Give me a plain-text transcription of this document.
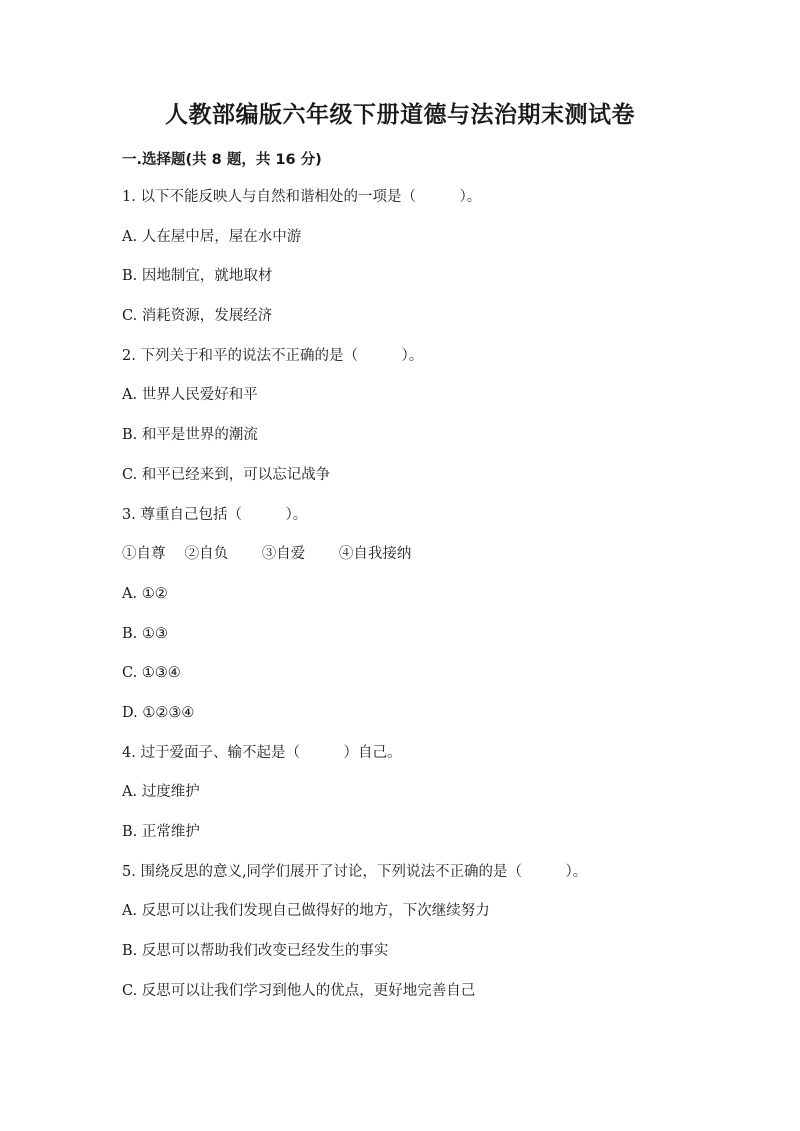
人教部编版六年级下册道德与法治期末测试卷
一.选择题(共 8 题，共 16 分)
1. 以下不能反映人与自然和谐相处的一项是（　　　）。
A. 人在屋中居，屋在水中游
B. 因地制宜，就地取材
C. 消耗资源，发展经济
2. 下列关于和平的说法不正确的是（　　　）。
A. 世界人民爱好和平
B. 和平是世界的潮流
C. 和平已经来到，可以忘记战争
3. 尊重自己包括（　　　）。
①自尊　 ②自负　　 ③自爱　　 ④自我接纳
A. ①②
B. ①③
C. ①③④
D. ①②③④
4. 过于爱面子、输不起是（　　　）自己。
A. 过度维护
B. 正常维护
5. 围绕反思的意义,同学们展开了讨论，下列说法不正确的是（　　　）。
A. 反思可以让我们发现自己做得好的地方，下次继续努力
B. 反思可以帮助我们改变已经发生的事实
C. 反思可以让我们学习到他人的优点，更好地完善自己
